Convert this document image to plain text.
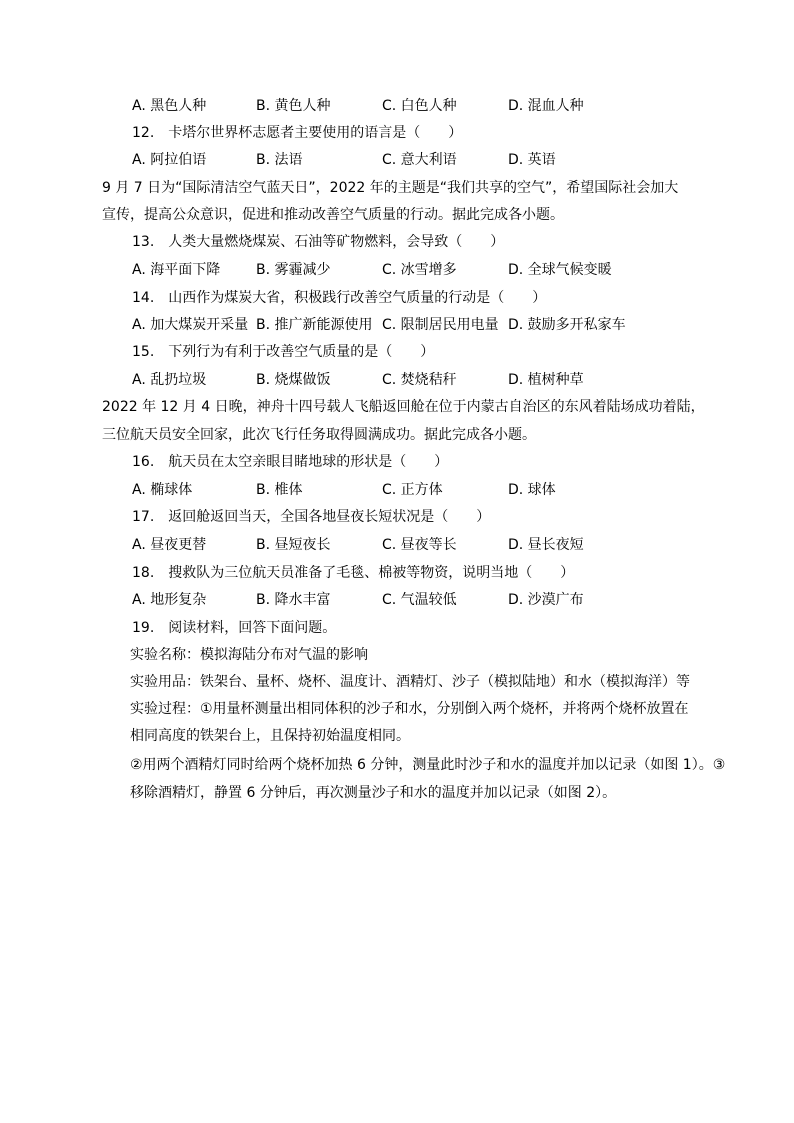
A. 黑色人种	B. 黄色人种	C. 白色人种	D. 混血人种
12.　卡塔尔世界杯志愿者主要使用的语言是（　　）
A. 阿拉伯语	B. 法语	C. 意大利语	D. 英语
9 月 7 日为“国际清洁空气蓝天日”，2022 年的主题是“我们共享的空气”，希望国际社会加大
宣传，提高公众意识，促进和推动改善空气质量的行动。据此完成各小题。
13.　人类大量燃烧煤炭、石油等矿物燃料，会导致（　　）
A. 海平面下降	B. 雾霾减少	C. 冰雪增多	D. 全球气候变暖
14.　山西作为煤炭大省，积极践行改善空气质量的行动是（　　）
A. 加大煤炭开采量 B. 推广新能源使用 C. 限制居民用电量 D. 鼓励多开私家车
15.　下列行为有利于改善空气质量的是（　　）
A. 乱扔垃圾	B. 烧煤做饭	C. 焚烧秸秆	D. 植树种草
2022 年 12 月 4 日晚，神舟十四号载人飞船返回舱在位于内蒙古自治区的东风着陆场成功着陆，
三位航天员安全回家，此次飞行任务取得圆满成功。据此完成各小题。
16.　航天员在太空亲眼目睹地球的形状是（　　）
A. 椭球体	B. 椎体	C. 正方体	D. 球体
17.　返回舱返回当天，全国各地昼夜长短状况是（　　）
A. 昼夜更替	B. 昼短夜长	C. 昼夜等长	D. 昼长夜短
18.　搜救队为三位航天员准备了毛毯、棉被等物资，说明当地（　　）
A. 地形复杂	B. 降水丰富	C. 气温较低	D. 沙漠广布
19.　阅读材料，回答下面问题。
实验名称：模拟海陆分布对气温的影响
实验用品：铁架台、量杯、烧杯、温度计、酒精灯、沙子（模拟陆地）和水（模拟海洋）等
实验过程：①用量杯测量出相同体积的沙子和水，分别倒入两个烧杯，并将两个烧杯放置在
相同高度的铁架台上，且保持初始温度相同。
②用两个酒精灯同时给两个烧杯加热 6 分钟，测量此时沙子和水的温度并加以记录（如图 1）。③
移除酒精灯，静置 6 分钟后，再次测量沙子和水的温度并加以记录（如图 2）。
